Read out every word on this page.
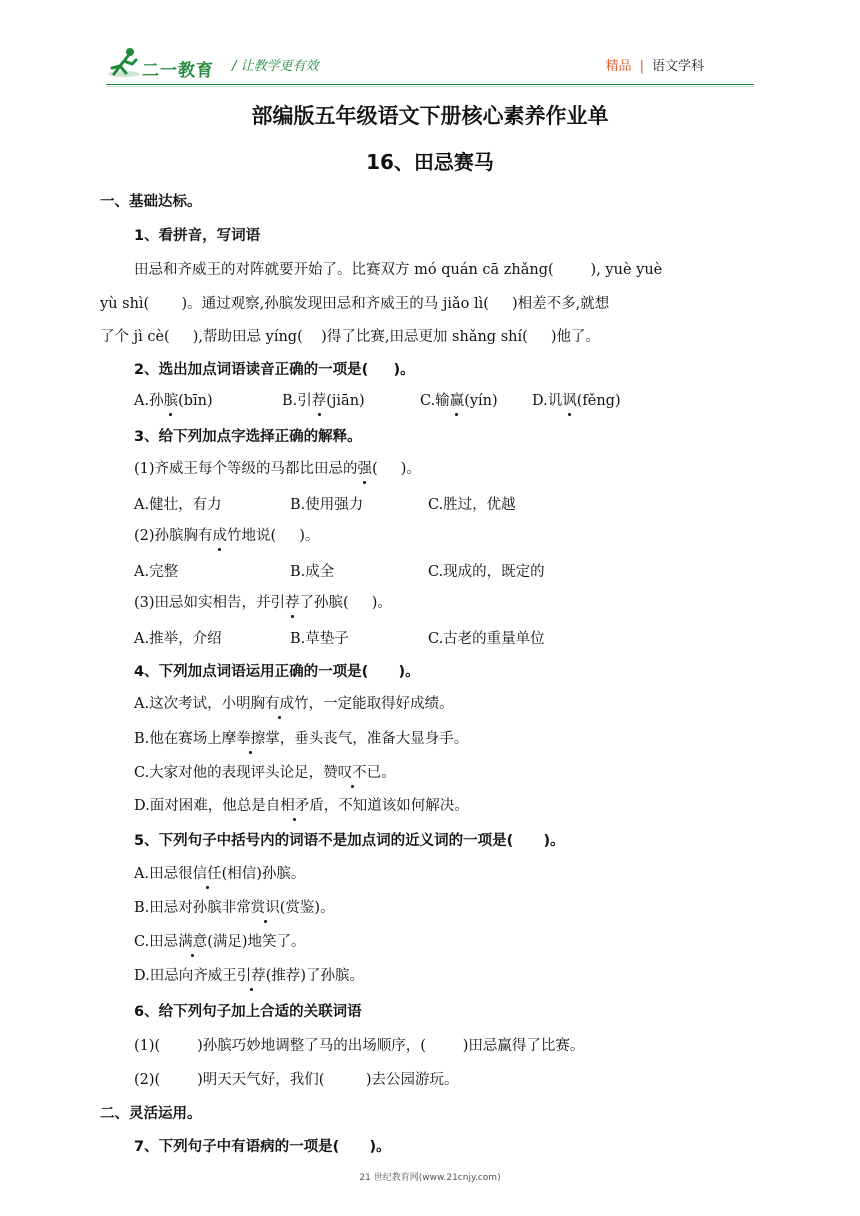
二一教育 / 让教学更有效	精品 | 语文学科
部编版五年级语文下册核心素养作业单
16、田忌赛马
一、基础达标。
1、看拼音，写词语
田忌和齐威王的对阵就要开始了。比赛双方 mó quán cā zhǎng(        ), yuè yuè
yù shì(       )。通过观察,孙膑发现田忌和齐威王的马 jiǎo lì(     )相差不多,就想
了个 jì cè(     ),帮助田忌 yíng(    )得了比赛,田忌更加 shǎng shí(     )他了。
2、选出加点词语读音正确的一项是(     )。
A.孙膑(bīn)	B.引荐(jiān)	C.输赢(yín) D.讥讽(fěng)
3、给下列加点字选择正确的解释。
(1)齐威王每个等级的马都比田忌的强(     )。
A.健壮，有力	B.使用强力	C.胜过，优越
(2)孙膑胸有成竹地说(     )。
A.完整	B.成全	C.现成的，既定的
(3)田忌如实相告，并引荐了孙膑(     )。
A.推举，介绍	B.草垫子	C.古老的重量单位
4、下列加点词语运用正确的一项是(      )。
A.这次考试，小明胸有成竹，一定能取得好成绩。
B.他在赛场上摩拳擦掌，垂头丧气，准备大显身手。
C.大家对他的表现评头论足，赞叹不已。
D.面对困难，他总是自相矛盾，不知道该如何解决。
5、下列句子中括号内的词语不是加点词的近义词的一项是(      )。
A.田忌很信任(相信)孙膑。
B.田忌对孙膑非常赏识(赏鉴)。
C.田忌满意(满足)地笑了。
D.田忌向齐威王引荐(推荐)了孙膑。
6、给下列句子加上合适的关联词语
(1)(        )孙膑巧妙地调整了马的出场顺序，(        )田忌赢得了比赛。
(2)(        )明天天气好，我们(         )去公园游玩。
二、灵活运用。
7、下列句子中有语病的一项是(      )。
21 世纪教育网(www.21cnjy.com)
